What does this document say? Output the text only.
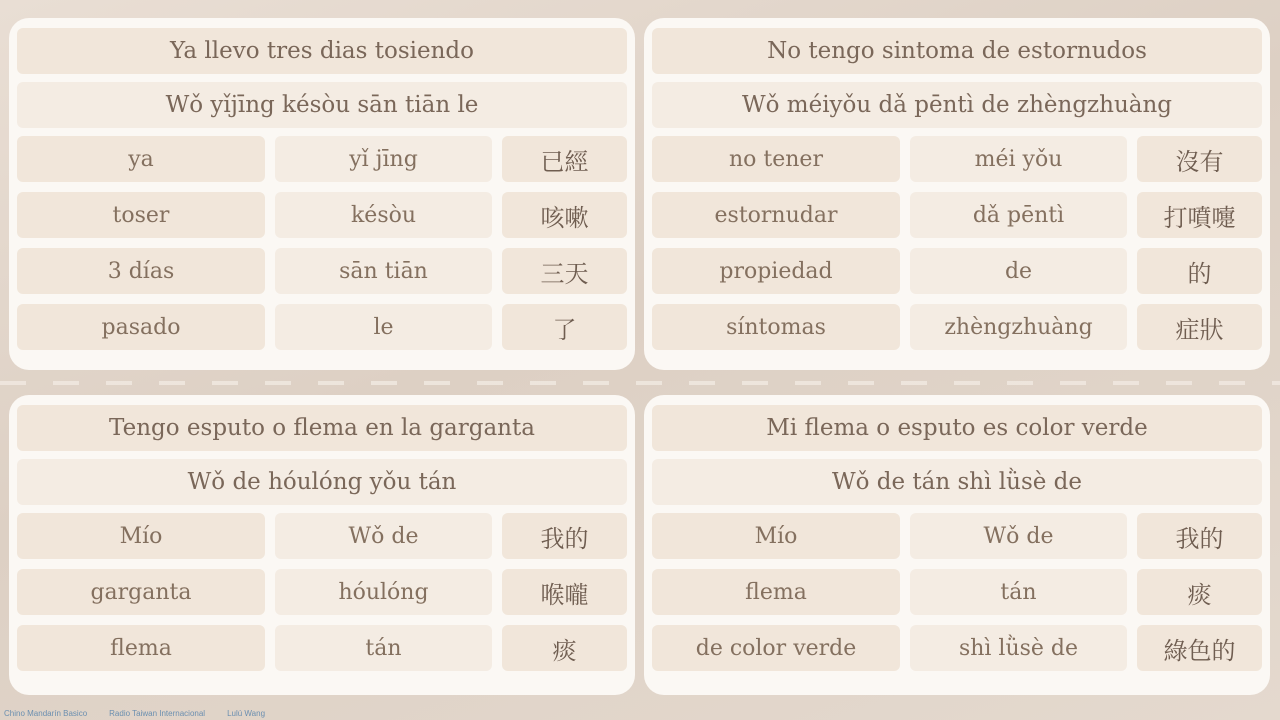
Ya llevo tres dias tosiendo
Wǒ yǐjīng késòu sān tiān le
ya	yǐ jīng	已經
toser	késòu	咳嗽
3 días	sān tiān	三天
pasado	le	了
No tengo sintoma de estornudos
Wǒ méiyǒu dǎ pēntì de zhèngzhuàng
no tener	méi yǒu	沒有
estornudar	dǎ pēntì	打噴嚏
propiedad	de	的
síntomas	zhèngzhuàng	症狀
Tengo esputo o flema en la garganta
Wǒ de hóulóng yǒu tán
Mío	Wǒ de	我的
garganta	hóulóng	喉嚨
flema	tán	痰
Mi flema o esputo es color verde
Wǒ de tán shì lǜsè de
Mío	Wǒ de	我的
flema	tán	痰
de color verde	shì lǜsè de	綠色的
Chino Mandarín Basico	Radio Taiwan Internacional	Lulú Wang
